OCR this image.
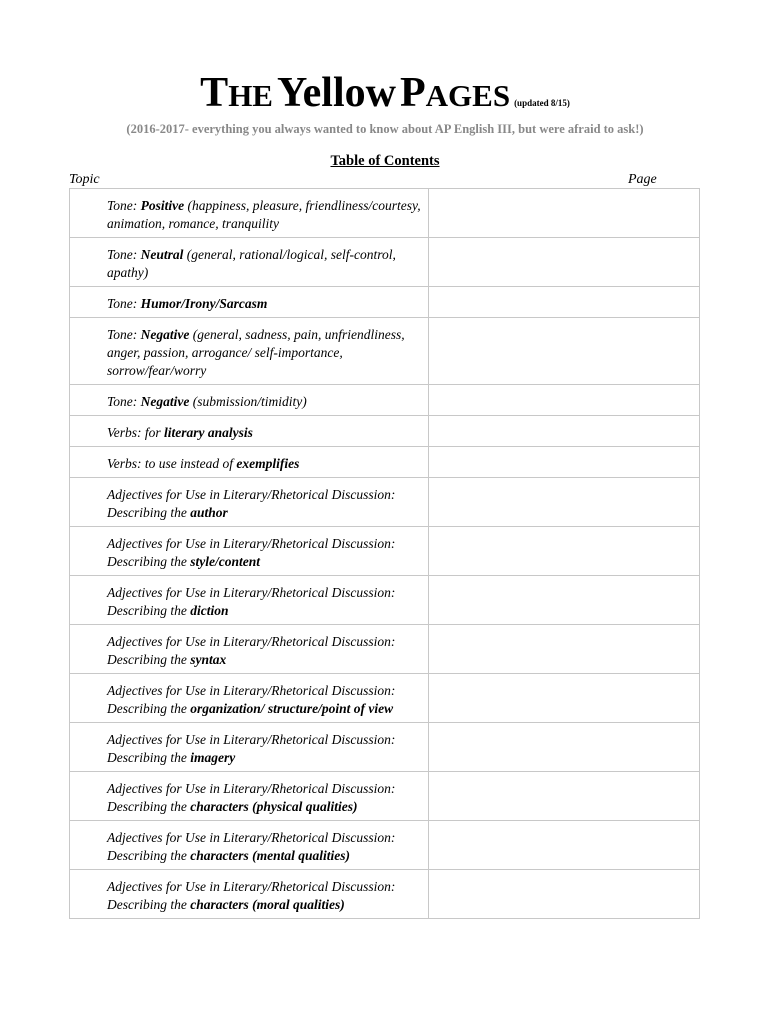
THE Yellow PAGES (updated 8/15)
(2016-2017- everything you always wanted to know about AP English III, but were afraid to ask!)
Table of Contents
Topic	Page
Tone: Positive (happiness, pleasure, friendliness/courtesy, animation, romance, tranquility	
Tone: Neutral (general, rational/logical, self-control, apathy)	
Tone: Humor/Irony/Sarcasm	
Tone: Negative (general, sadness, pain, unfriendliness, anger, passion, arrogance/ self-importance, sorrow/fear/worry	
Tone: Negative (submission/timidity)	
Verbs: for literary analysis	
Verbs: to use instead of exemplifies	
Adjectives for Use in Literary/Rhetorical Discussion: Describing the author	
Adjectives for Use in Literary/Rhetorical Discussion: Describing the style/content	
Adjectives for Use in Literary/Rhetorical Discussion: Describing the diction	
Adjectives for Use in Literary/Rhetorical Discussion: Describing the syntax	
Adjectives for Use in Literary/Rhetorical Discussion: Describing the organization/ structure/point of view	
Adjectives for Use in Literary/Rhetorical Discussion: Describing the imagery	
Adjectives for Use in Literary/Rhetorical Discussion: Describing the characters (physical qualities)	
Adjectives for Use in Literary/Rhetorical Discussion: Describing the characters (mental qualities)	
Adjectives for Use in Literary/Rhetorical Discussion: Describing the characters (moral qualities)	
